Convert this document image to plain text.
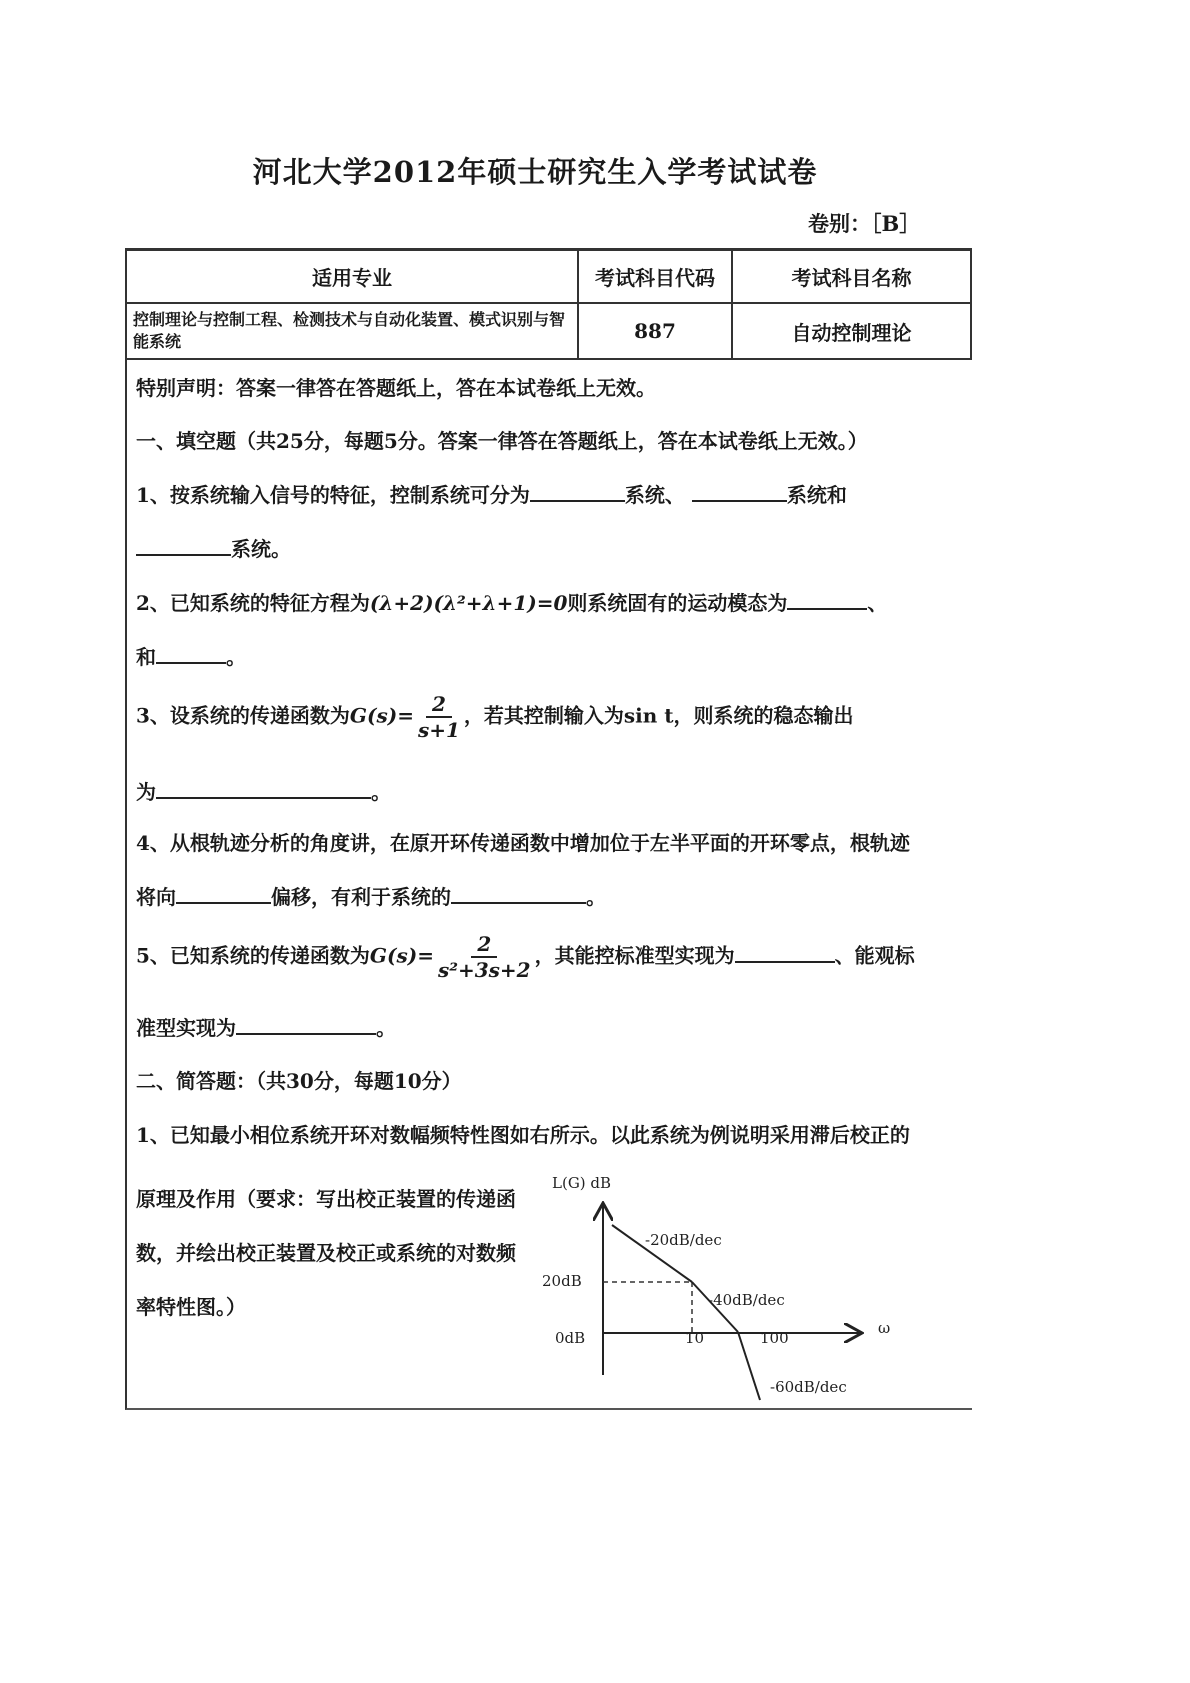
河北大学2012年硕士研究生入学考试试卷
卷别：［B］
适用专业	考试科目代码	考试科目名称
控制理论与控制工程、检测技术与自动化装置、模式识别与智能系统	887	自动控制理论
特别声明：答案一律答在答题纸上，答在本试卷纸上无效。
一、填空题（共25分，每题5分。答案一律答在答题纸上，答在本试卷纸上无效。）
1、按系统输入信号的特征，控制系统可分为	系统、	系统和
系统。
2、已知系统的特征方程为(λ+2)(λ²+λ+1)=0则系统固有的运动模态为	、
和	。
3、设系统的传递函数为$G(s)= \frac{2}{s+1}$ ，若其控制输入为sin t，则系统的稳态输出
为	。
4、从根轨迹分析的角度讲，在原开环传递函数中增加位于左半平面的开环零点，根轨迹
将向	偏移，有利于系统的	。
5、已知系统的传递函数为$G(s)= \frac{2}{\text{s²+3s+2}}$ ，其能控标准型实现为	、能观标
准型实现为	。
二、简答题：（共30分，每题10分）
1、已知最小相位系统开环对数幅频特性图如右所示。以此系统为例说明采用滞后校正的
原理及作用（要求：写出校正装置的传递函数，并绘出校正装置及校正或系统的对数频率特性图。）
L(G) dB
ω
0dB
20dB
10	100
-20dB/dec
-40dB/dec
-60dB/dec
